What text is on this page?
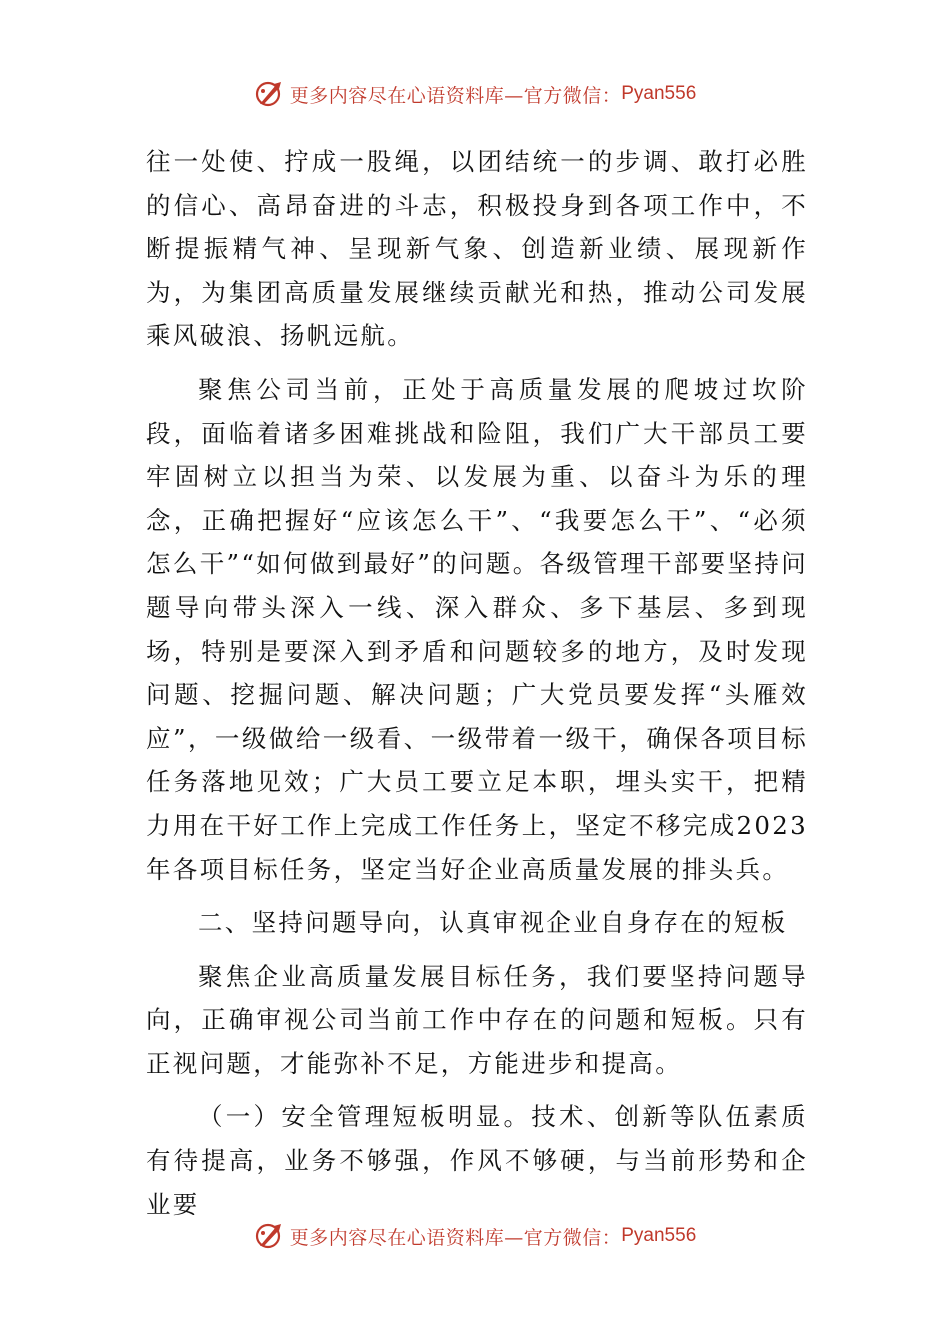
更多内容尽在心语资料库—官方微信： Pyan556

往一处使、拧成一股绳，以团结统一的步调、敢打必胜的信心、高昂奋进的斗志，积极投身到各项工作中，不断提振精气神、呈现新气象、创造新业绩、展现新作为，为集团高质量发展继续贡献光和热，推动公司发展乘风破浪、扬帆远航。

聚焦公司当前，正处于高质量发展的爬坡过坎阶段，面临着诸多困难挑战和险阻，我们广大干部员工要牢固树立以担当为荣、以发展为重、以奋斗为乐的理念，正确把握好“应该怎么干”、“我要怎么干”、“必须怎么干”“如何做到最好”的问题。各级管理干部要坚持问题导向带头深入一线、深入群众、多下基层、多到现场，特别是要深入到矛盾和问题较多的地方，及时发现问题、挖掘问题、解决问题；广大党员要发挥“头雁效应”，一级做给一级看、一级带着一级干，确保各项目标任务落地见效；广大员工要立足本职，埋头实干，把精力用在干好工作上完成工作任务上，坚定不移完成2023年各项目标任务，坚定当好企业高质量发展的排头兵。

二、坚持问题导向，认真审视企业自身存在的短板

聚焦企业高质量发展目标任务，我们要坚持问题导向，正确审视公司当前工作中存在的问题和短板。只有正视问题，才能弥补不足，方能进步和提高。

（一）安全管理短板明显。技术、创新等队伍素质有待提高，业务不够强，作风不够硬，与当前形势和企业要

更多内容尽在心语资料库—官方微信： Pyan556
